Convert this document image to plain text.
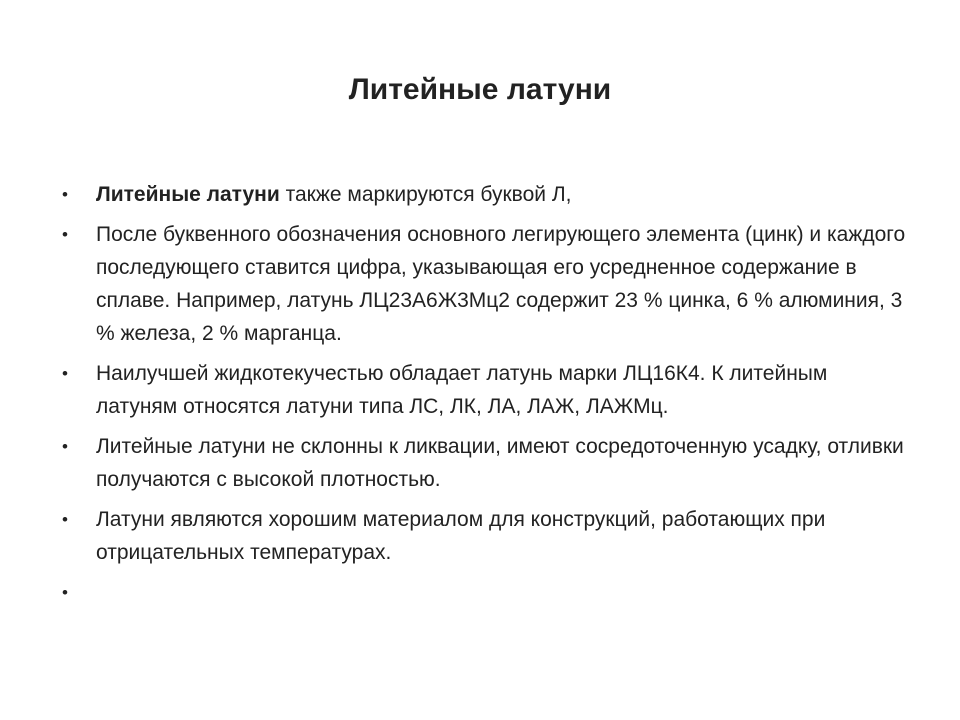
Литейные латуни
•	Литейные латуни также маркируются буквой Л,
•	После буквенного обозначения основного легирующего элемента (цинк) и каждого последующего ставится цифра, указывающая его усредненное содержание в сплаве. Например, латунь ЛЦ23А6Ж3Мц2 содержит 23 % цинка, 6 % алюминия, 3 % железа, 2 % марганца.
•	Наилучшей жидкотекучестью обладает латунь марки ЛЦ16К4. К литейным латуням относятся латуни типа ЛС, ЛК, ЛА, ЛАЖ, ЛАЖМц.
•	Литейные латуни не склонны к ликвации, имеют сосредоточенную усадку, отливки получаются с высокой плотностью.
•	Латуни являются хорошим материалом для конструкций, работающих при отрицательных температурах.
•
